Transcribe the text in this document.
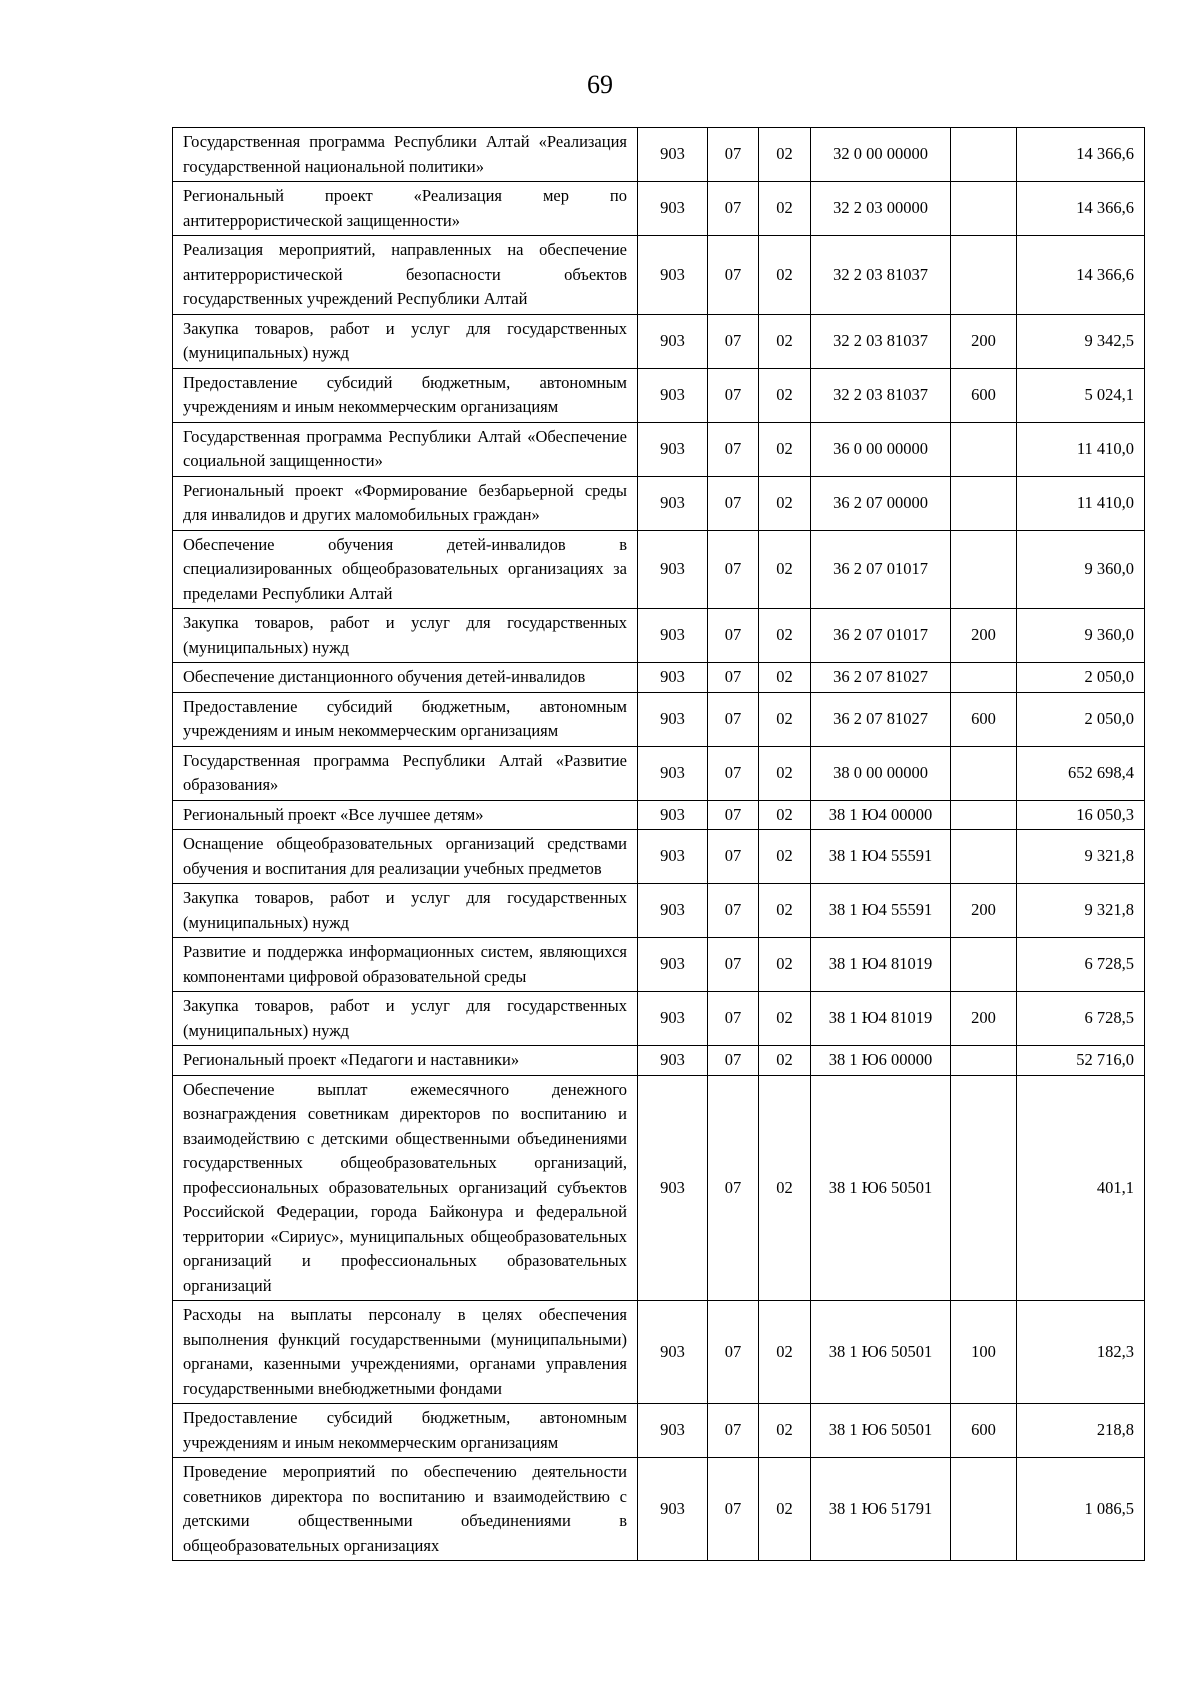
69
Государственная программа Республики Алтай «Реализация государственной национальной политики»	903	07	02	32 0 00 00000		14 366,6
Региональный проект «Реализация мер по антитеррористической защищенности»	903	07	02	32 2 03 00000		14 366,6
Реализация мероприятий, направленных на обеспечение антитеррористической безопасности объектов государственных учреждений Республики Алтай	903	07	02	32 2 03 81037		14 366,6
Закупка товаров, работ и услуг для государственных (муниципальных) нужд	903	07	02	32 2 03 81037	200	9 342,5
Предоставление субсидий бюджетным, автономным учреждениям и иным некоммерческим организациям	903	07	02	32 2 03 81037	600	5 024,1
Государственная программа Республики Алтай «Обеспечение социальной защищенности»	903	07	02	36 0 00 00000		11 410,0
Региональный проект «Формирование безбарьерной среды для инвалидов и других маломобильных граждан»	903	07	02	36 2 07 00000		11 410,0
Обеспечение обучения детей-инвалидов в специализированных общеобразовательных организациях за пределами Республики Алтай	903	07	02	36 2 07 01017		9 360,0
Закупка товаров, работ и услуг для государственных (муниципальных) нужд	903	07	02	36 2 07 01017	200	9 360,0
Обеспечение дистанционного обучения детей-инвалидов	903	07	02	36 2 07 81027		2 050,0
Предоставление субсидий бюджетным, автономным учреждениям и иным некоммерческим организациям	903	07	02	36 2 07 81027	600	2 050,0
Государственная программа Республики Алтай «Развитие образования»	903	07	02	38 0 00 00000		652 698,4
Региональный проект «Все лучшее детям»	903	07	02	38 1 Ю4 00000		16 050,3
Оснащение общеобразовательных организаций средствами обучения и воспитания для реализации учебных предметов	903	07	02	38 1 Ю4 55591		9 321,8
Закупка товаров, работ и услуг для государственных (муниципальных) нужд	903	07	02	38 1 Ю4 55591	200	9 321,8
Развитие и поддержка информационных систем, являющихся компонентами цифровой образовательной среды	903	07	02	38 1 Ю4 81019		6 728,5
Закупка товаров, работ и услуг для государственных (муниципальных) нужд	903	07	02	38 1 Ю4 81019	200	6 728,5
Региональный проект «Педагоги и наставники»	903	07	02	38 1 Ю6 00000		52 716,0
Обеспечение выплат ежемесячного денежного вознаграждения советникам директоров по воспитанию и взаимодействию с детскими общественными объединениями государственных общеобразовательных организаций, профессиональных образовательных организаций субъектов Российской Федерации, города Байконура и федеральной территории «Сириус», муниципальных общеобразовательных организаций и профессиональных образовательных организаций	903	07	02	38 1 Ю6 50501		401,1
Расходы на выплаты персоналу в целях обеспечения выполнения функций государственными (муниципальными) органами, казенными учреждениями, органами управления государственными внебюджетными фондами	903	07	02	38 1 Ю6 50501	100	182,3
Предоставление субсидий бюджетным, автономным учреждениям и иным некоммерческим организациям	903	07	02	38 1 Ю6 50501	600	218,8
Проведение мероприятий по обеспечению деятельности советников директора по воспитанию и взаимодействию с детскими общественными объединениями в общеобразовательных организациях	903	07	02	38 1 Ю6 51791		1 086,5
